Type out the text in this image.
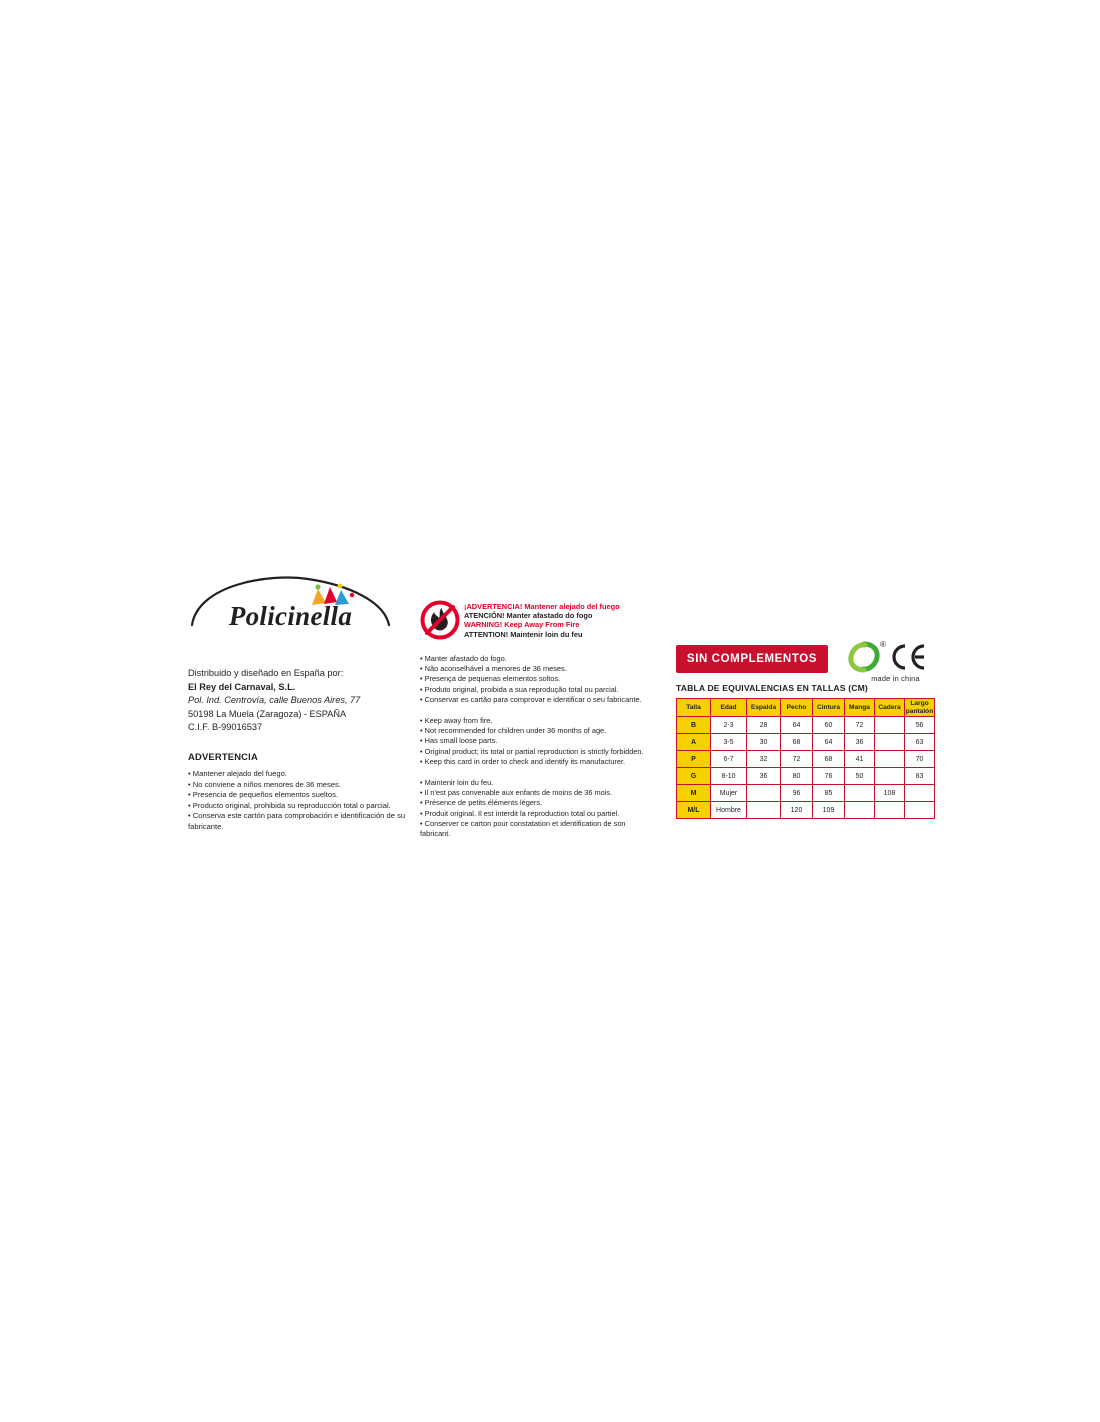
Policinella
Distribuido y diseñado en España por:
El Rey del Carnaval, S.L.
Pol. Ind. Centrovía, calle Buenos Aires, 77
50198 La Muela (Zaragoza) - ESPAÑA
C.I.F. B-99016537
ADVERTENCIA
• Mantener alejado del fuego.
• No conviene a niños menores de 36 meses.
• Presencia de pequeños elementos sueltos.
• Producto original, prohibida su reproducción total o parcial.
• Conserva este cartón para comprobación e identificación de su fabricante.
¡ADVERTENCIA! Mantener alejado del fuego
ATENCIÓN! Manter afastado do fogo
WARNING! Keep Away From Fire
ATTENTION! Maintenir loin du feu
• Manter afastado do fogo.
• Não aconselhável a menores de 36 meses.
• Presença de pequenas elementos soltos.
• Produto original, proibida a sua reprodução total ou parcial.
• Conservar es cartão para comprovar e identificar o seu fabricante.
• Keep away from fire.
• Not recommended for children under 36 months of age.
• Has small loose parts.
• Original product; its total or partial reproduction is strictly forbidden.
• Keep this card in order to check and identify its manufacturer.
• Maintenir loin du feu.
• Il n'est pas convenable aux enfants de moins de 36 mois.
• Présence de petits éléments légers.
• Produit original. Il est interdit la reproduction total ou partiel.
• Conserver ce carton pour constatation et identification de son fabricant.
SIN COMPLEMENTOS
®
made in china
TABLA DE EQUIVALENCIAS EN TALLAS (CM)
Talla	Edad	Espalda	Pecho	Cintura	Manga	Cadera	Largo
pantalón

B	2-3	28	64	60	72		56
A	3-5	30	68	64	36		63
P	6-7	32	72	68	41		70
G	8-10	36	80	76	50		83
M	Mujer		96	85		108	
M/L	Hombre		120	109			
